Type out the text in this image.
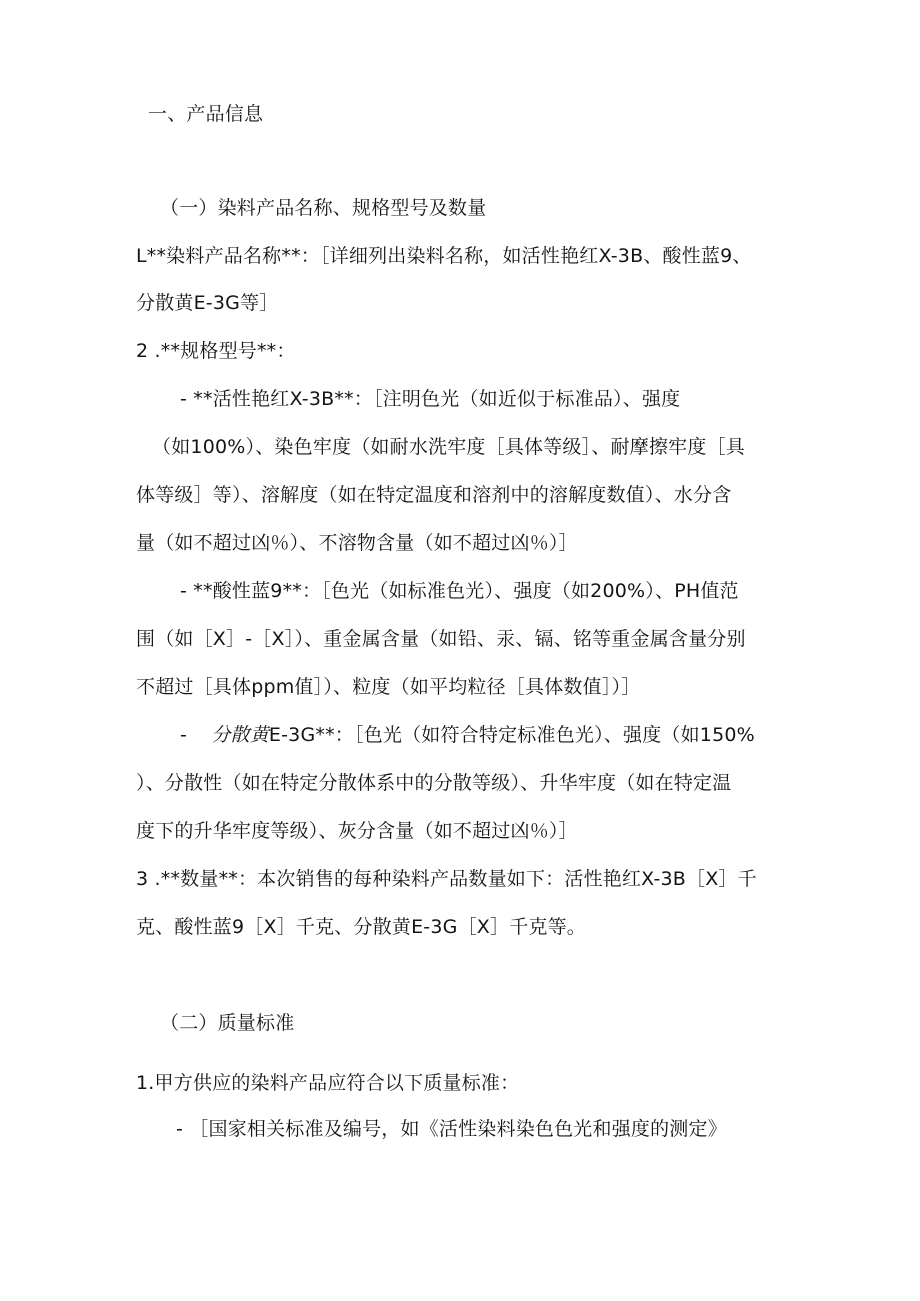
一、产品信息
（一）染料产品名称、规格型号及数量
L**染料产品名称**：［详细列出染料名称，如活性艳红X-3B、酸性蓝9、
分散黄E-3G等］
2 .**规格型号**：
- **活性艳红X-3B**：［注明色光（如近似于标准品）、强度
（如100%）、染色牢度（如耐水洗牢度［具体等级］、耐摩擦牢度［具
体等级］等）、溶解度（如在特定温度和溶剂中的溶解度数值）、水分含
量（如不超过凶％）、不溶物含量（如不超过凶％）］
- **酸性蓝9**：［色光（如标准色光）、强度（如200%）、PH值范
围（如［X］-［X］）、重金属含量（如铅、汞、镉、铭等重金属含量分别
不超过［具体ppm值］）、粒度（如平均粒径［具体数值］）］
- 分散黄E-3G**：［色光（如符合特定标准色光）、强度（如150%
）、分散性（如在特定分散体系中的分散等级）、升华牢度（如在特定温
度下的升华牢度等级）、灰分含量（如不超过凶％）］
3 .**数量**：本次销售的每种染料产品数量如下：活性艳红X-3B［X］千
克、酸性蓝9［X］千克、分散黄E-3G［X］千克等。
（二）质量标准
1.甲方供应的染料产品应符合以下质量标准：
- ［国家相关标准及编号，如《活性染料染色色光和强度的测定》
